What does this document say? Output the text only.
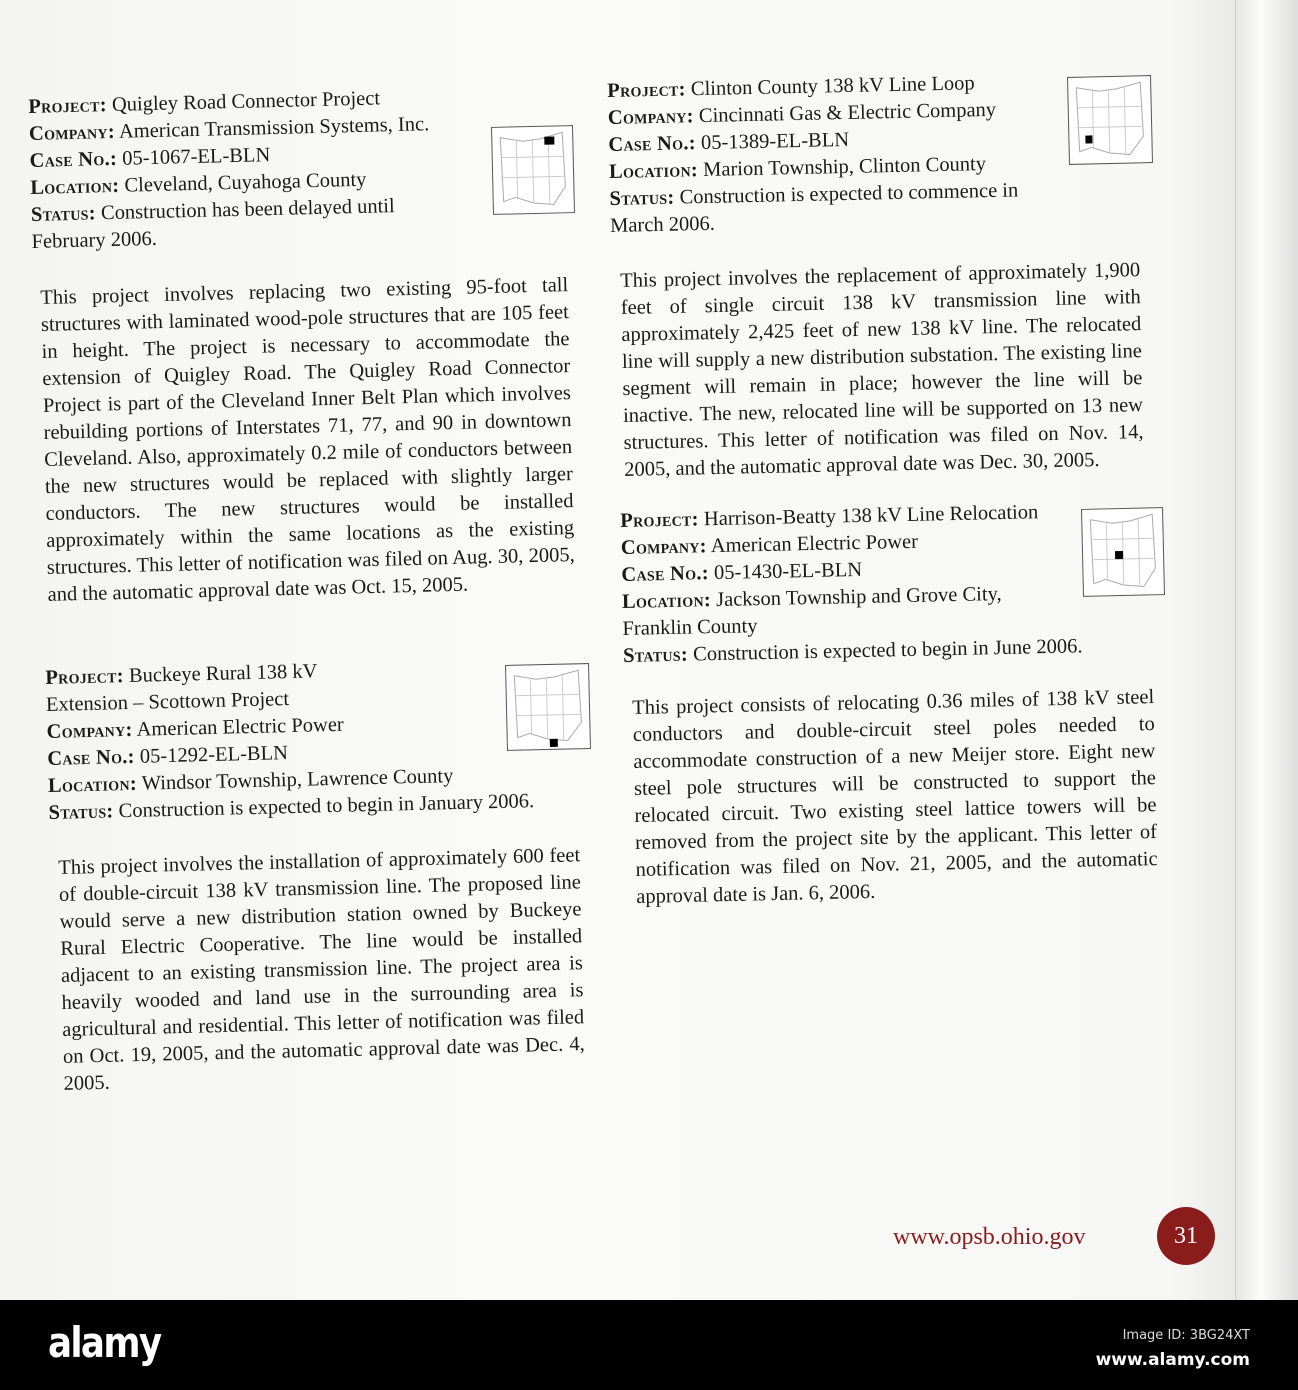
Project: Quigley Road Connector Project
Company: American Transmission Systems, Inc.
Case No.: 05-1067-EL-BLN
Location: Cleveland, Cuyahoga County
Status: Construction has been delayed until February 2006.
This project involves replacing two existing 95-foot tall structures with laminated wood-pole structures that are 105 feet in height. The project is necessary to accommodate the extension of Quigley Road. The Quigley Road Connector Project is part of the Cleveland Inner Belt Plan which involves rebuilding portions of Interstates 71, 77, and 90 in downtown Cleveland. Also, approximately 0.2 mile of conductors between the new structures would be replaced with slightly larger conductors. The new structures would be installed approximately within the same locations as the existing structures. This letter of notification was filed on Aug. 30, 2005, and the automatic approval date was Oct. 15, 2005.
Project: Buckeye Rural 138 kV Extension – Scottown Project
Company: American Electric Power
Case No.: 05-1292-EL-BLN
Location: Windsor Township, Lawrence County
Status: Construction is expected to begin in January 2006.
This project involves the installation of approximately 600 feet of double-circuit 138 kV transmission line. The proposed line would serve a new distribution station owned by Buckeye Rural Electric Cooperative. The line would be installed adjacent to an existing transmission line. The project area is heavily wooded and land use in the surrounding area is agricultural and residential. This letter of notification was filed on Oct. 19, 2005, and the automatic approval date was Dec. 4, 2005.
Project: Clinton County 138 kV Line Loop
Company: Cincinnati Gas & Electric Company
Case No.: 05-1389-EL-BLN
Location: Marion Township, Clinton County
Status: Construction is expected to commence in March 2006.
This project involves the replacement of approximately 1,900 feet of single circuit 138 kV transmission line with approximately 2,425 feet of new 138 kV line. The relocated line will supply a new distribution substation. The existing line segment will remain in place; however the line will be inactive. The new, relocated line will be supported on 13 new structures. This letter of notification was filed on Nov. 14, 2005, and the automatic approval date was Dec. 30, 2005.
Project: Harrison-Beatty 138 kV Line Relocation
Company: American Electric Power
Case No.: 05-1430-EL-BLN
Location: Jackson Township and Grove City, Franklin County
Status: Construction is expected to begin in June 2006.
This project consists of relocating 0.36 miles of 138 kV steel conductors and double-circuit steel poles needed to accommodate construction of a new Meijer store. Eight new steel pole structures will be constructed to support the relocated circuit. Two existing steel lattice towers will be removed from the project site by the applicant. This letter of notification was filed on Nov. 21, 2005, and the automatic approval date is Jan. 6, 2006.
www.opsb.ohio.gov	31
alamy	Image ID: 3BG24XT
www.alamy.com
